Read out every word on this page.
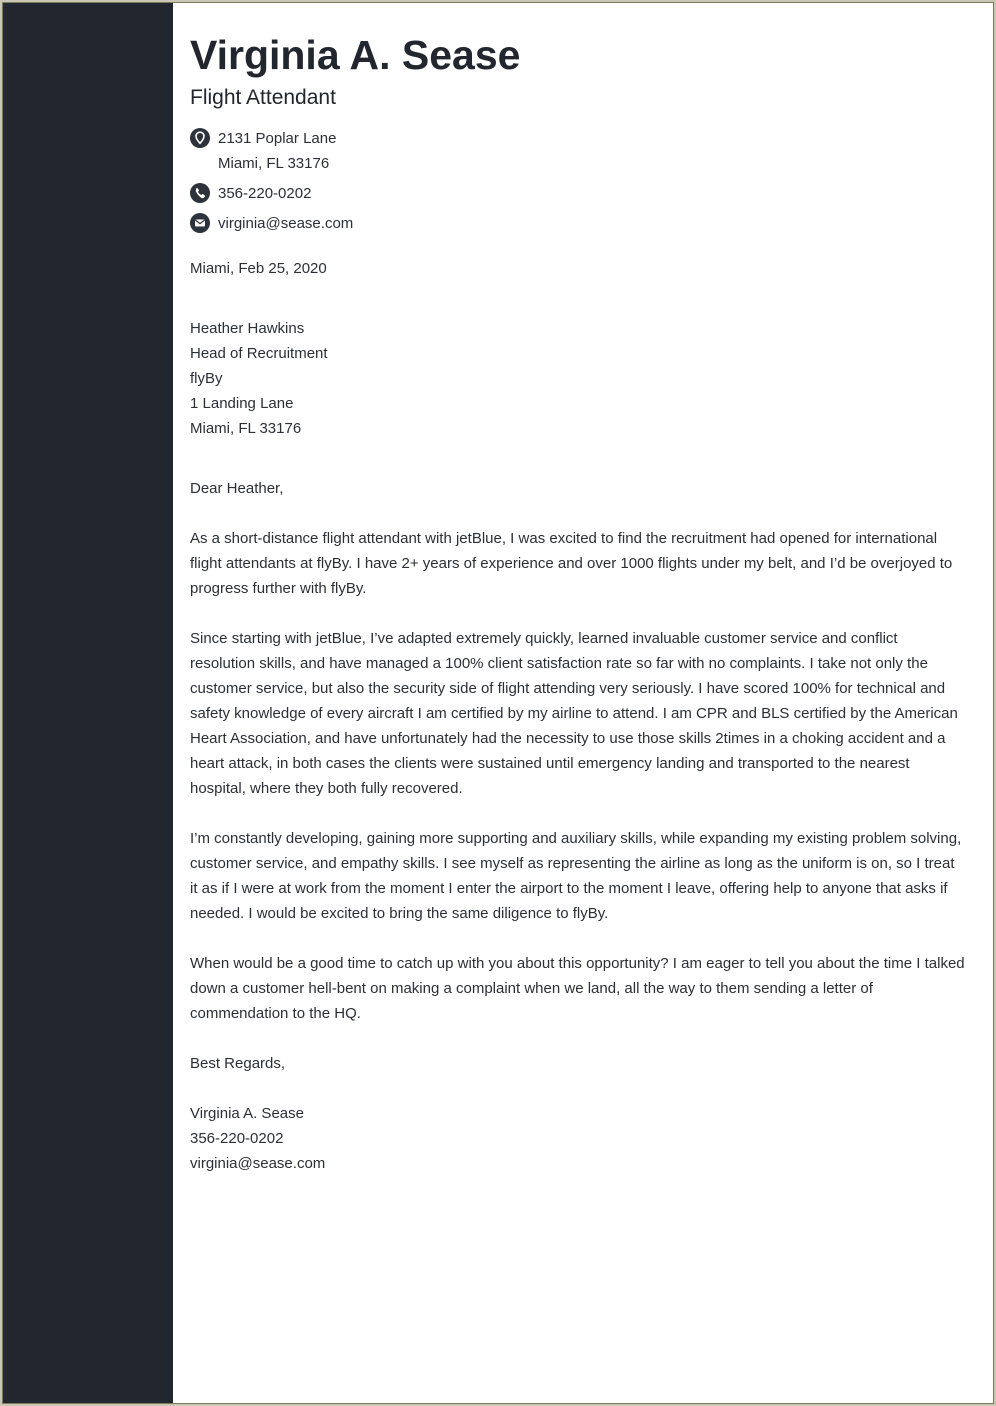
Virginia A. Sease
Flight Attendant
2131 Poplar Lane
Miami, FL 33176
356-220-0202
virginia@sease.com
Miami, Feb 25, 2020
Heather Hawkins
Head of Recruitment
flyBy
1 Landing Lane
Miami, FL 33176
Dear Heather,
As a short-distance flight attendant with jetBlue, I was excited to find the recruitment had opened for international flight attendants at flyBy. I have 2+ years of experience and over 1000 flights under my belt, and I’d be overjoyed to progress further with flyBy.
Since starting with jetBlue, I’ve adapted extremely quickly, learned invaluable customer service and conflict resolution skills, and have managed a 100% client satisfaction rate so far with no complaints. I take not only the customer service, but also the security side of flight attending very seriously. I have scored 100% for technical and safety knowledge of every aircraft I am certified by my airline to attend. I am CPR and BLS certified by the American Heart Association, and have unfortunately had the necessity to use those skills 2times in a choking accident and a heart attack, in both cases the clients were sustained until emergency landing and transported to the nearest hospital, where they both fully recovered.
I’m constantly developing, gaining more supporting and auxiliary skills, while expanding my existing problem solving, customer service, and empathy skills. I see myself as representing the airline as long as the uniform is on, so I treat it as if I were at work from the moment I enter the airport to the moment I leave, offering help to anyone that asks if needed. I would be excited to bring the same diligence to flyBy.
When would be a good time to catch up with you about this opportunity? I am eager to tell you about the time I talked down a customer hell-bent on making a complaint when we land, all the way to them sending a letter of commendation to the HQ.
Best Regards,
Virginia A. Sease
356-220-0202
virginia@sease.com
